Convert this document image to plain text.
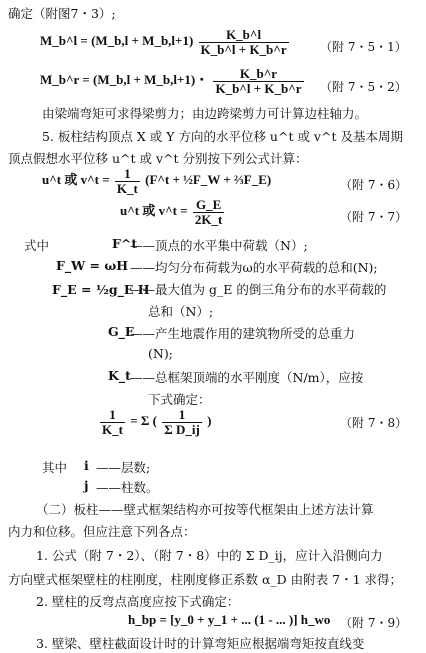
确定（附图7・3）;
M_b^l = (M_b,l + M_b,l+1) $\frac{K\_b\^{}l}{K\_b\^{}l + K\_b\^{}r}$	（附 7・5・1）
M_b^r = (M_b,l + M_b,l+1)・ $\frac{K\_b\^{}r}{K\_b\^{}l + K\_b\^{}r}$ （附 7・5・2）
由梁端弯矩可求得梁剪力；由边跨梁剪力可计算边柱轴力。
5. 板柱结构顶点 X 或 Y 方向的水平位移 u^t 或 v^t 及基本周期
顶点假想水平位移 u^t 或 v^t 分别按下列公式计算：
u^t 或 v^t = $\frac{1}{K\_t}$ (F^t + ½F_W + ⅔F_E)	（附 7・6）
u^t 或 v^t = $\frac{G\_E}{2K\_t}$	（附 7・7）
式中	F^t
——顶点的水平集中荷载（N）;
F_W = ωH ——均匀分布荷载为ω的水平荷载的总和(N);
F_E = ½g_E H
——最大值为 g_E 的倒三角分布的水平荷载的
总和（N）;
G_E
——产生地震作用的建筑物所受的总重力
(N);
K_t ——总框架顶端的水平刚度（N/m），应按
下式确定：
$\frac{1}{K\_t} = \Sigma$ ( $\frac{1}{\text{Σ D\_ij}}$ )	（附 7・8）
其中 i ——层数;
j ——柱数。
（二）板柱——壁式框架结构亦可按等代框架由上述方法计算
内力和位移。但应注意下列各点：
1. 公式（附 7・2）、（附 7・8）中的 Σ D_ij，应计入沿侧向力
方向壁式框架壁柱的柱刚度，柱刚度修正系数 α_D 由附表 7・1 求得；
2. 壁柱的反弯点高度应按下式确定：
h_bp = [y_0 + y_1 + ... (1 - ... )] h_wo （附 7・9）
3. 壁梁、壁柱截面设计时的计算弯矩应根据端弯矩按直线变
